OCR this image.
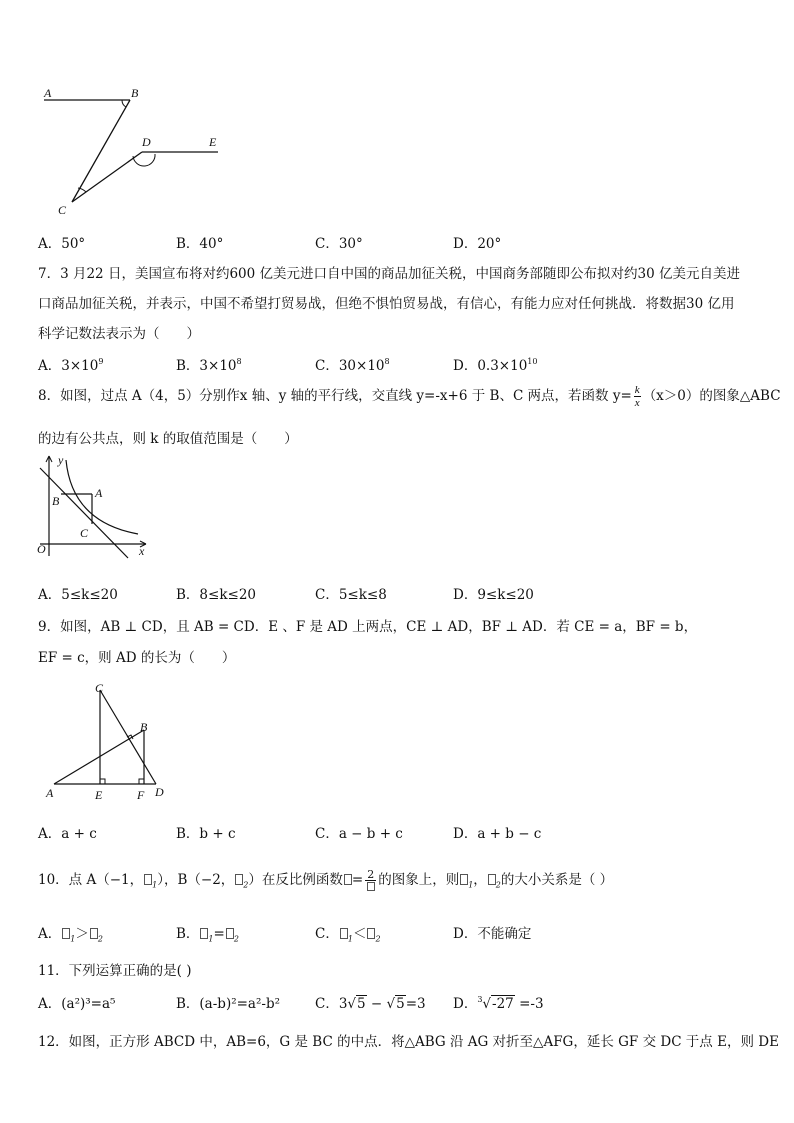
A	B
D	E
C
A．50°	B．40°	C．30°	D．20°
7．3 月22 日，美国宣布将对约600 亿美元进口自中国的商品加征关税，中国商务部随即公布拟对约30 亿美元自美进
口商品加征关税，并表示，中国不希望打贸易战，但绝不惧怕贸易战，有信心，有能力应对任何挑战．将数据30 亿用
科学记数法表示为（　　）
A．$3\times 10^9$	B．$3\times 10^8$	C．$30\times 10^8$	D．$0.3\times 10^{10}$
8．如图，过点 A（4，5）分别作x 轴、y 轴的平行线，交直线 y=-x+6 于 B、C 两点，若函数 $y= \frac{k}{x} (x>0)$的图象△ABC
的边有公共点，则 k 的取值范围是（　　）
y
x
O
A
B
C
A．5≤k≤20	B．8≤k≤20	C．5≤k≤8	D．9≤k≤20
9．如图，AB ⊥ CD，且 AB = CD．E 、F 是 AD 上两点，CE ⊥ AD，BF ⊥ AD．若 CE = a，BF = b，
EF = c，则 AD 的长为（　　）
C
B
A	E	F D
A．a + c	B．b + c	C．a − b + c	D．a + b − c
10．点 A（−1， $_1$），B（−2， $_2$）在反比例函数 = 2 的图象上，则 $_1$， $_2$的大小关系是（ ）
A． $_1$＞ $_2$	B． $_1$= $_2$	C． $_1$＜ $_2$	D．不能确定
11．下列运算正确的是( )
A．(a²)³=a⁵	B．(a-b)²=a²-b²	C．3√5 − √5=3 D．$^3$√-27 =-3
12．如图，正方形 ABCD 中，AB=6，G 是 BC 的中点．将△ABG 沿 AG 对折至△AFG，延长 GF 交 DC 于点 E，则 DE
